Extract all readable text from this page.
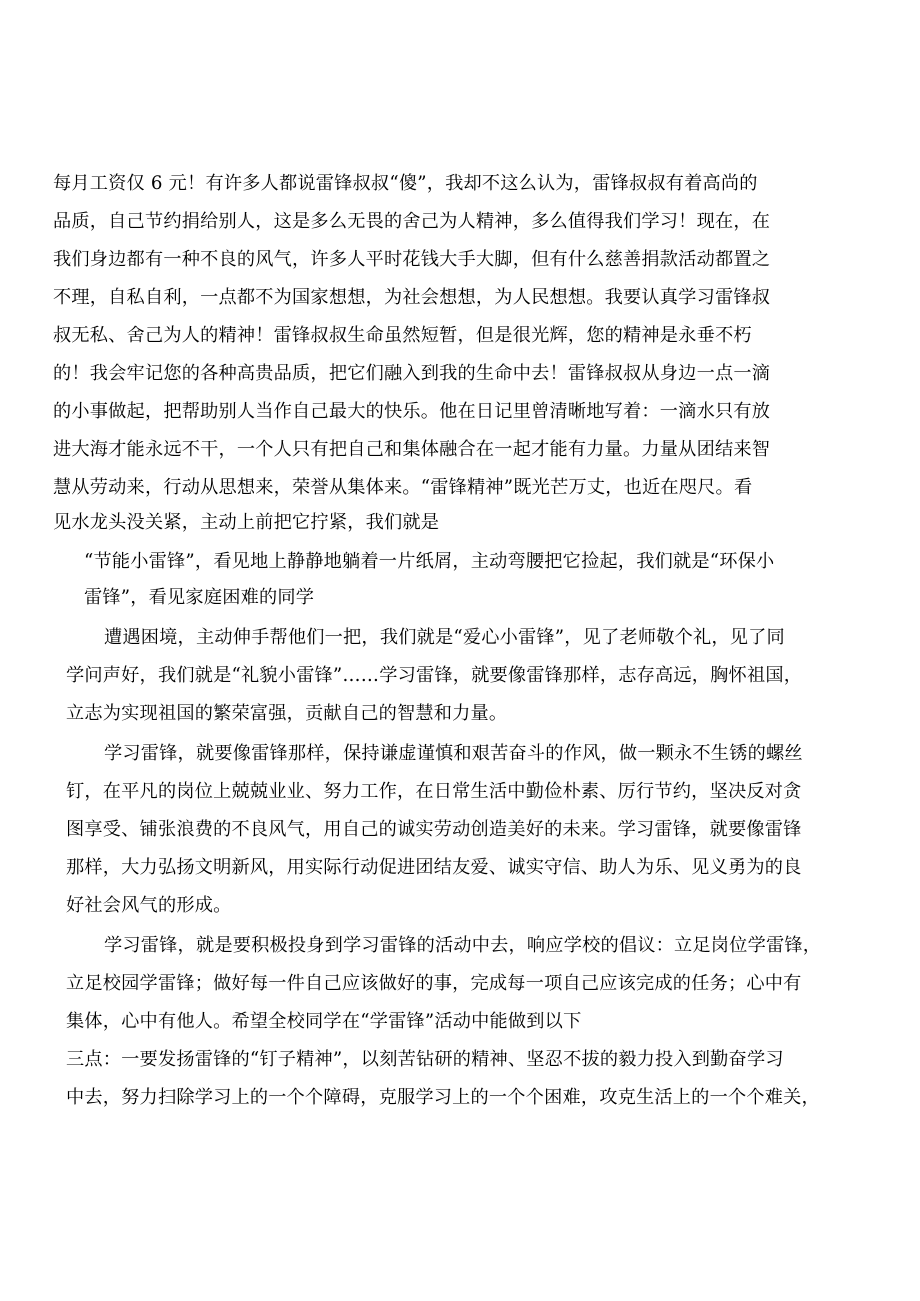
每月工资仅 6 元！有许多人都说雷锋叔叔“傻”，我却不这么认为，雷锋叔叔有着高尚的
品质，自己节约捐给别人，这是多么无畏的舍己为人精神，多么值得我们学习！现在，在
我们身边都有一种不良的风气，许多人平时花钱大手大脚，但有什么慈善捐款活动都置之
不理，自私自利，一点都不为国家想想，为社会想想，为人民想想。我要认真学习雷锋叔
叔无私、舍己为人的精神！雷锋叔叔生命虽然短暂，但是很光辉，您的精神是永垂不朽
的！我会牢记您的各种高贵品质，把它们融入到我的生命中去！雷锋叔叔从身边一点一滴
的小事做起，把帮助别人当作自己最大的快乐。他在日记里曾清晰地写着：一滴水只有放
进大海才能永远不干，一个人只有把自己和集体融合在一起才能有力量。力量从团结来智
慧从劳动来，行动从思想来，荣誉从集体来。“雷锋精神”既光芒万丈，也近在咫尺。看
见水龙头没关紧，主动上前把它拧紧，我们就是
“节能小雷锋”，看见地上静静地躺着一片纸屑，主动弯腰把它捡起，我们就是“环保小
雷锋”，看见家庭困难的同学
遭遇困境，主动伸手帮他们一把，我们就是“爱心小雷锋”，见了老师敬个礼，见了同
学问声好，我们就是“礼貌小雷锋”……学习雷锋，就要像雷锋那样，志存高远，胸怀祖国，
立志为实现祖国的繁荣富强，贡献自己的智慧和力量。
学习雷锋，就要像雷锋那样，保持谦虚谨慎和艰苦奋斗的作风，做一颗永不生锈的螺丝
钉，在平凡的岗位上兢兢业业、努力工作，在日常生活中勤俭朴素、厉行节约，坚决反对贪
图享受、铺张浪费的不良风气，用自己的诚实劳动创造美好的未来。学习雷锋，就要像雷锋
那样，大力弘扬文明新风，用实际行动促进团结友爱、诚实守信、助人为乐、见义勇为的良
好社会风气的形成。
学习雷锋，就是要积极投身到学习雷锋的活动中去，响应学校的倡议：立足岗位学雷锋，
立足校园学雷锋；做好每一件自己应该做好的事，完成每一项自己应该完成的任务；心中有
集体，心中有他人。希望全校同学在“学雷锋”活动中能做到以下
三点：一要发扬雷锋的“钉子精神”，以刻苦钻研的精神、坚忍不拔的毅力投入到勤奋学习
中去，努力扫除学习上的一个个障碍，克服学习上的一个个困难，攻克生活上的一个个难关，
